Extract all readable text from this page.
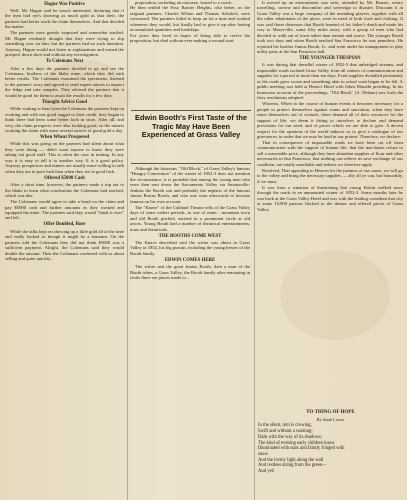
Hague Was Positive

Well, Mr. Hague said he wasn't interested, declaring that if the men had rye's showing as much gold as that their, the partners had better work the claim themselves. And that decided the matter.

The partners were greatly surprised and somewhat startled. Mr. Hague evidently thought that they were trying to slip something over on him, but the partners had no such intention. Anyway, Hague would not listen to explanations and turned the prospect down short and without any investigation.

To Colemans Next

After a few days the partners decided to go and see the Colemans, brothers of the Idaho mine, which they did with better results. The Colemans examined the specimens, listened to the partners' story and agreed to send expert miners to inspect the ledge and take samples. They advised the partners that it would be good for them to await the results for a few days.

Thought Advice Good

While waiting to hear from the Colemans the partners kept on working and with one good nugget to their credit, they began to think there had been some better luck in store. After all, and very, the claim prospects were also looking good, so the miners working the claim with some several ounces of good gold a day.

When Wheat Prospered

While this was going on the partners had silent about what they were doing — didn't want anyone to know they were taking out good stuff. This is often the case in mining. In any way it is easy to tell it to another way. It is a good policy. Anyway prospectors and miners are usually more willing to talk when they are in poor luck than when they are in good luck.

Offered $5000 Cash

After a short time, however, the partners made a trip out to the Idaho to learn what conclusions the Colemans had reached, which was this:

The Colemans would agree to take a bond on the claim and pay $5000 cash and further amounts as they worked and equipped the mine. The partners said they would "think it over" and left.

Offer Doubled, Rose

While the talks kept on showing up a little gold all of the time and really looked as though it might be a bonanza. On the partners told the Colemans they did not think $5000 was a sufficient payment. Alright, the Colemans said they would double the amount. Then the Colemans conferred with us about selling and quite quickly...

proposition, including an outcome, leased to a coach.
He then settled the Four Barrier Heights, also better, as the original partners, Charles Wilton and Thomas Schulich, were concerned. The partners failed to keep an for a time and worked whenever they would, but finally had to give it up after having accumulated quantities and hardships.
For years they lived in hopes of being able to revive the proposition, but died without ever making a second start.

Edwin Booth's First Taste of the Tragic May Have Been Experienced at Grass Valley

Although the historian, "Old Block," of Grass Valley's famous "Hungry Convention" of the winter of 1852-3 does not mention the circumstance, it is probable that among the young men who were then sent down the Sacramento Valley via Smartsville-Jenkins the Booth son and probably the nephew of the famous Junius Brutus Booth, and who was soon afterwards to become famous on his own account.

The "Knave" of the Cubland Theatre tells of the Grass Valley days of some earlier periods, as one of mine... mountain town and old Booth pitched, entered in a prominent circle at old actors. Young Booth had a number of theatrical entertainments, tours and theatricals.

THE BOOTHS COME WEST

The Knave described said the writer was about in Grass Valley in 1852, his big pursuit, including the young heroes of the Booth family.

EDWIN COMES HERE

The writer and the great Junius Booth, then a man of the Booth tribes, a Grass Valley, the Booth family after remaining in rivals there are places made to...

It moved up an environment was seen, attended by Mr. Barnes, weary travelling, sorrow and discomfort and sovereign to disaster. Discount it at Grass Valley was a large company of the unending players, together with all the other inhabitants of the place, were in need of both food and clothing. It was said those distresses that Booth learned of his father's death and made his way to Marysville, some fifty miles away, with a group of men who had decided to walk out of town rather than remain and starve. The younger Booth took two days and when Booth reached San Francisco he was penniless. He rejoined his brother Junius Booth, Jr., and went under his management to play utility parts at the San Francisco hall.

THE YOUNGER THESPIAN

It was during that dreadful winter of 1852-3 that unbridged streams, and impassable roads isolated Grass Valley from all centers of communication and supplies for a period of more than ten days. Food supplies dwindled pertinently as the roads grew worse and something akin to actual want began to be felt. A public meeting was held at Hentz's Hotel with Johns Marathi presiding. In his humorous account of the proceedings, "Old Block" (A. Delano) sets forth the fiery resolutions adopted:

Whereas, When in the course of human events it becomes necessary for a people to protect themselves against wants and starvation, when they have eaten themselves out of victuals, there demand all of their resources for the support of life, we deem it fitting to ourselves to declare and demand provisions for our need, and of prices which we are able to give. A decent respect for the opinions of the world induces us to give a catalogue of our grievances, in order that we may be loud in our protest. Therefore, we declare:

That in consequence of impassable roads we have been cut off from communication with the support of human life; that the merchants refuse to sell a reasonable price, although they have abundant supplies of flour and other necessaries in San Francisco, that nothing can relieve us save exchange of our condition, are totally unreliable and redress we therefore apply.

Resolved, That appealing to Heaven for the justness of our cause, we will go to the valley and bring the necessary supplies — ally all ye can, but honorably, if we must.

It was from a situation of threatening that young Edwin walked more through the roads in an unmounted winter of 1852-3. Some months later he was back at the Grass Valley Hotel and was with the leading comedian that city at some 10,000 patrons flocked to the theater and offered prices of Grass Valley.

TO THING OF HOPE
By Sarah Lowry
In the silent, tom is crowing,
Swift and without a warning;
Dark with the way of its shadows;
The kind of evening early children know
Illuminated with stars and faintly fringed with
snow.
And the lovely light along the wall
And restless sizing from the green—
And yet!
